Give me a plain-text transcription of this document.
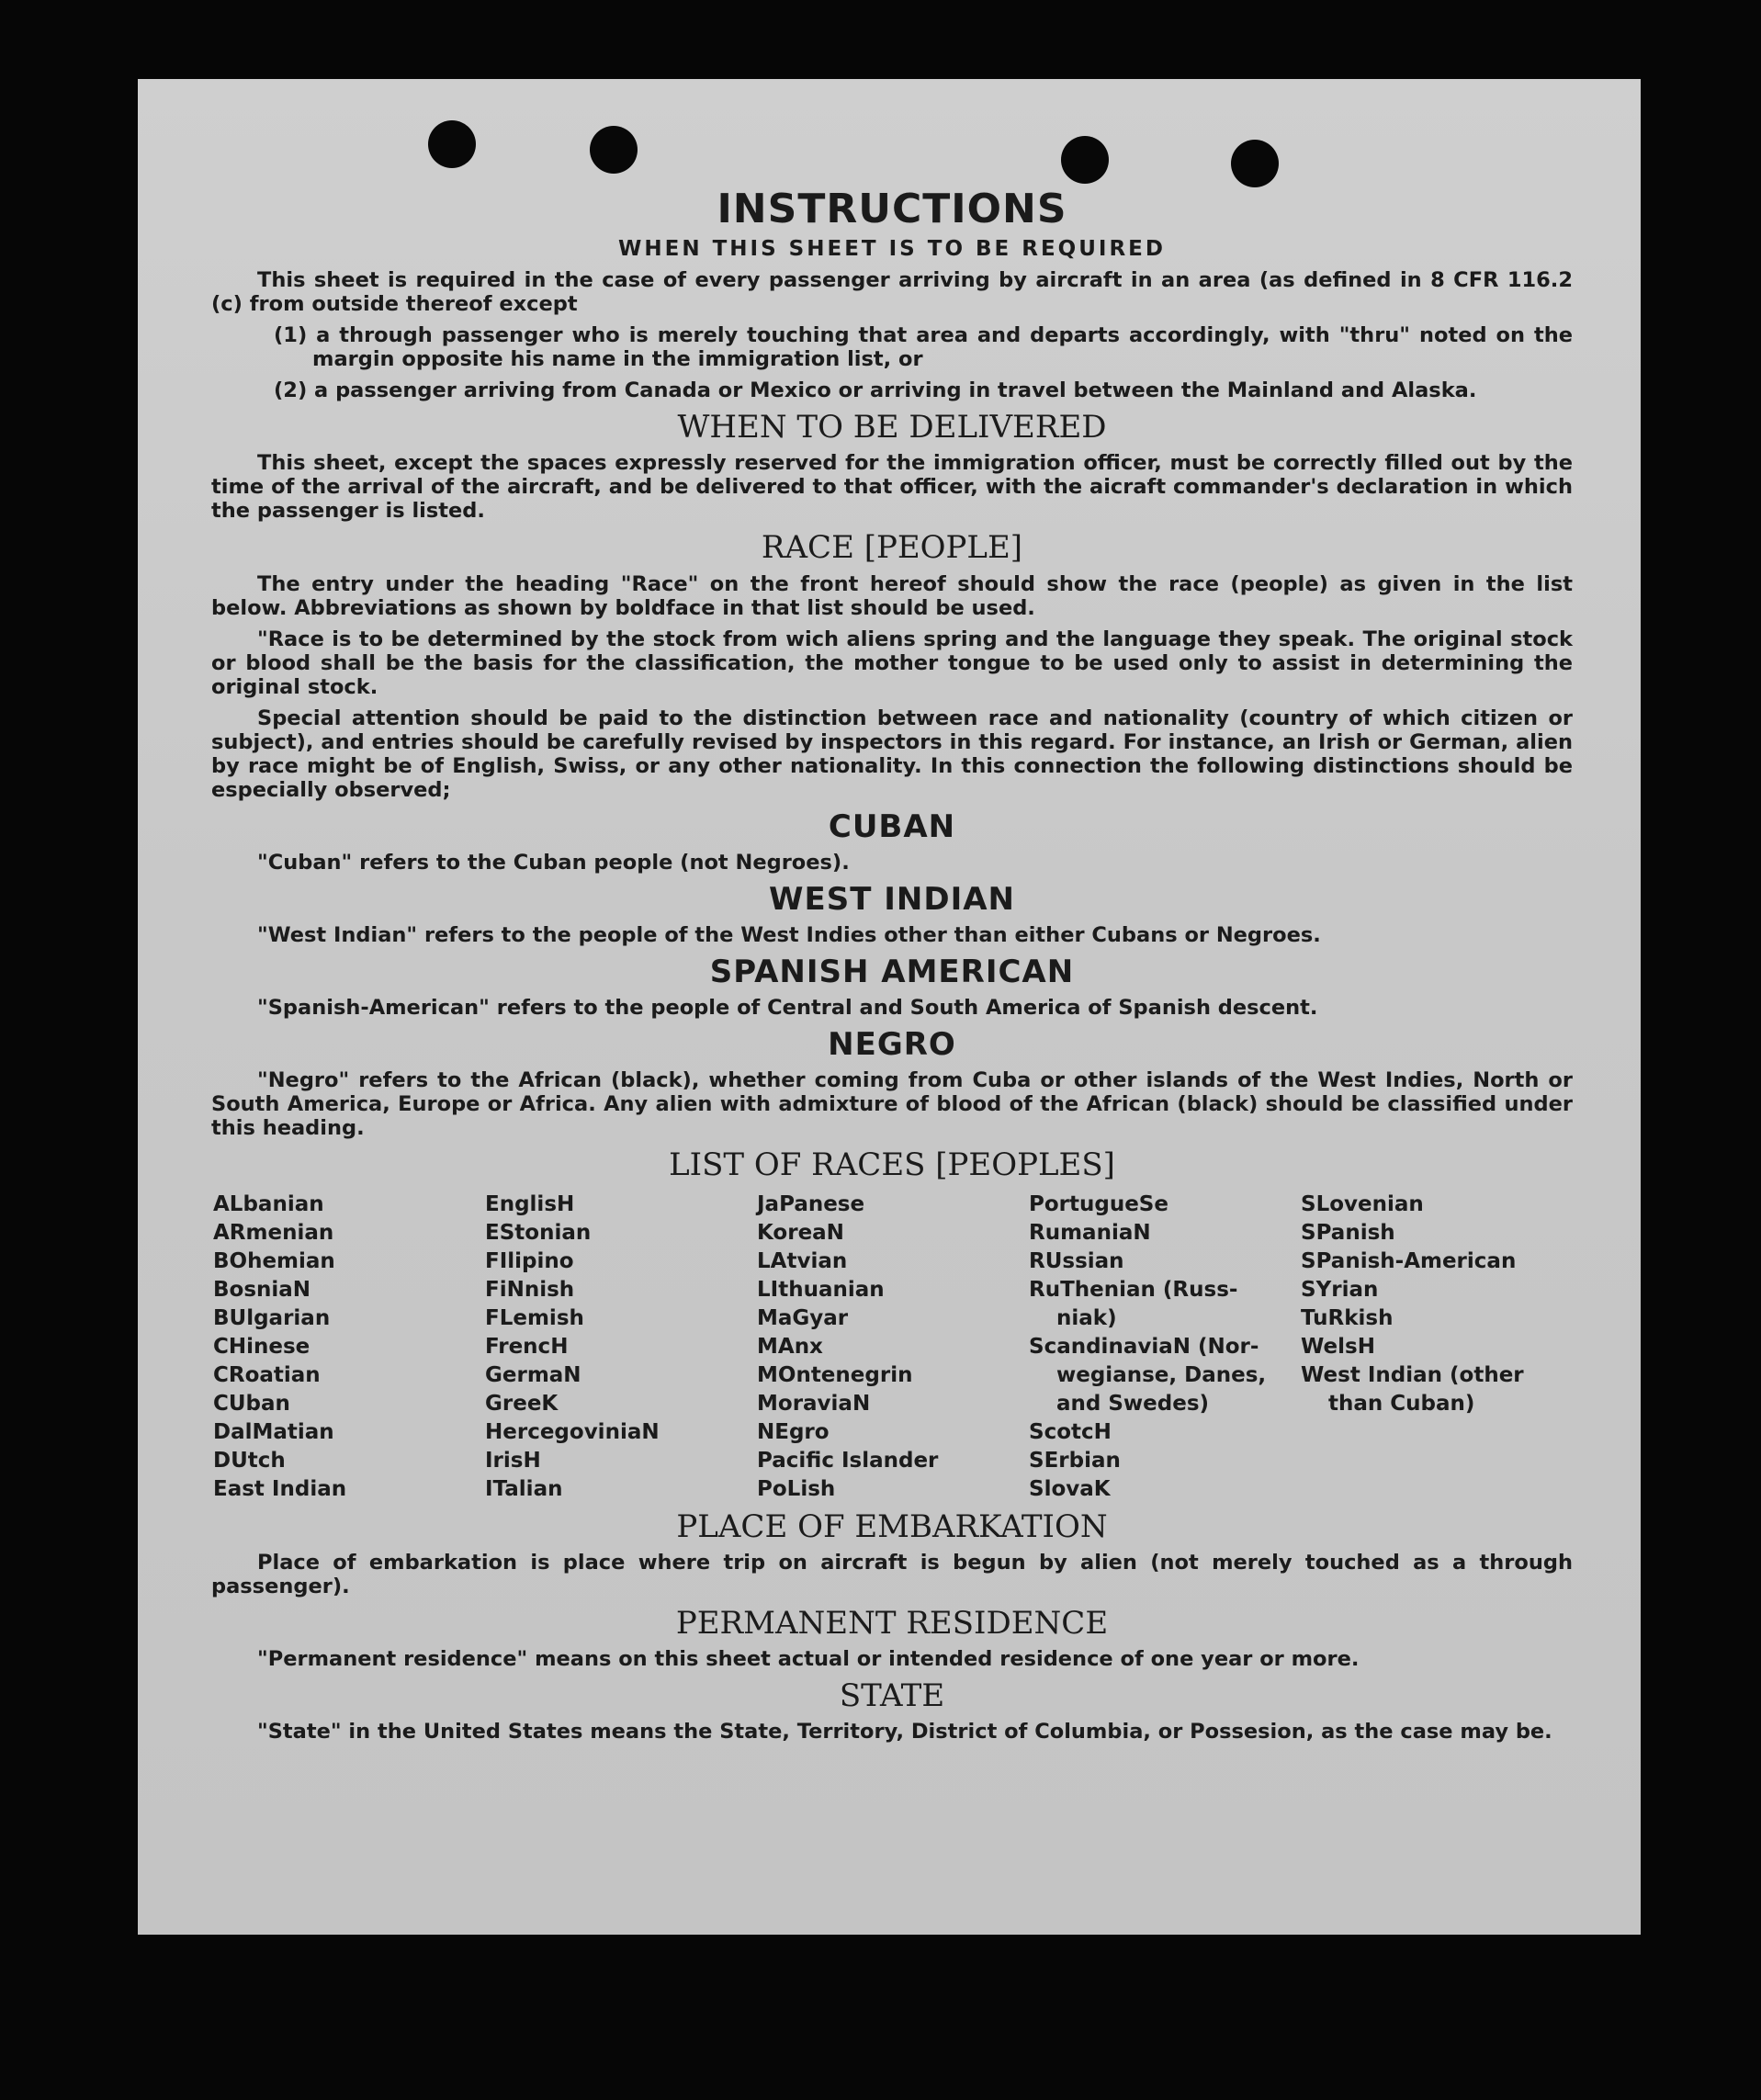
INSTRUCTIONS
WHEN THIS SHEET IS TO BE REQUIRED

This sheet is required in the case of every passenger arriving by aircraft in an area (as defined in 8 CFR 116.2 (c) from outside thereof except

(1) a through passenger who is merely touching that area and departs accordingly, with "thru" noted on the margin opposite his name in the immigration list, or

(2) a passenger arriving from Canada or Mexico or arriving in travel between the Mainland and Alaska.

WHEN TO BE DELIVERED

This sheet, except the spaces expressly reserved for the immigration officer, must be correctly filled out by the time of the arrival of the aircraft, and be delivered to that officer, with the aicraft commander's declaration in which the passenger is listed.

RACE [PEOPLE]

The entry under the heading "Race" on the front hereof should show the race (people) as given in the list below. Abbreviations as shown by boldface in that list should be used.

"Race is to be determined by the stock from wich aliens spring and the language they speak. The original stock or blood shall be the basis for the classification, the mother tongue to be used only to assist in determining the original stock.

Special attention should be paid to the distinction between race and nationality (country of which citizen or subject), and entries should be carefully revised by inspectors in this regard. For instance, an Irish or German, alien by race might be of English, Swiss, or any other nationality. In this connection the following distinctions should be especially observed;

CUBAN

"Cuban" refers to the Cuban people (not Negroes).

WEST INDIAN

"West Indian" refers to the people of the West Indies other than either Cubans or Negroes.

SPANISH AMERICAN

"Spanish-American" refers to the people of Central and South America of Spanish descent.

NEGRO

"Negro" refers to the African (black), whether coming from Cuba or other islands of the West Indies, North or South America, Europe or Africa. Any alien with admixture of blood of the African (black) should be classified under this heading.

LIST OF RACES [PEOPLES]
ALbanian
ARmenian
BOhemian
BosniaN
BUlgarian
CHinese
CRoatian
CUban
DalMatian
DUtch
East Indian
EnglisH
EStonian
FIlipino
FiNnish
FLemish
FrencH
GermaN
GreeK
HercegoviniaN
IrisH
ITalian
JaPanese
KoreaN
LAtvian
LIthuanian
MaGyar
MAnx
MOntenegrin
MoraviaN
NEgro
Pacific Islander
PoLish
PortugueSe
RumaniaN
RUssian
RuThenian (Russ-
niak)
ScandinaviaN (Nor-
wegianse, Danes,
and Swedes)
ScotcH
SErbian
SlovaK
SLovenian
SPanish
SPanish-American
SYrian
TuRkish
WelsH
West Indian (other
than Cuban)
PLACE OF EMBARKATION

Place of embarkation is place where trip on aircraft is begun by alien (not merely touched as a through passenger).

PERMANENT RESIDENCE

"Permanent residence" means on this sheet actual or intended residence of one year or more.

STATE

"State" in the United States means the State, Territory, District of Columbia, or Possesion, as the case may be.
